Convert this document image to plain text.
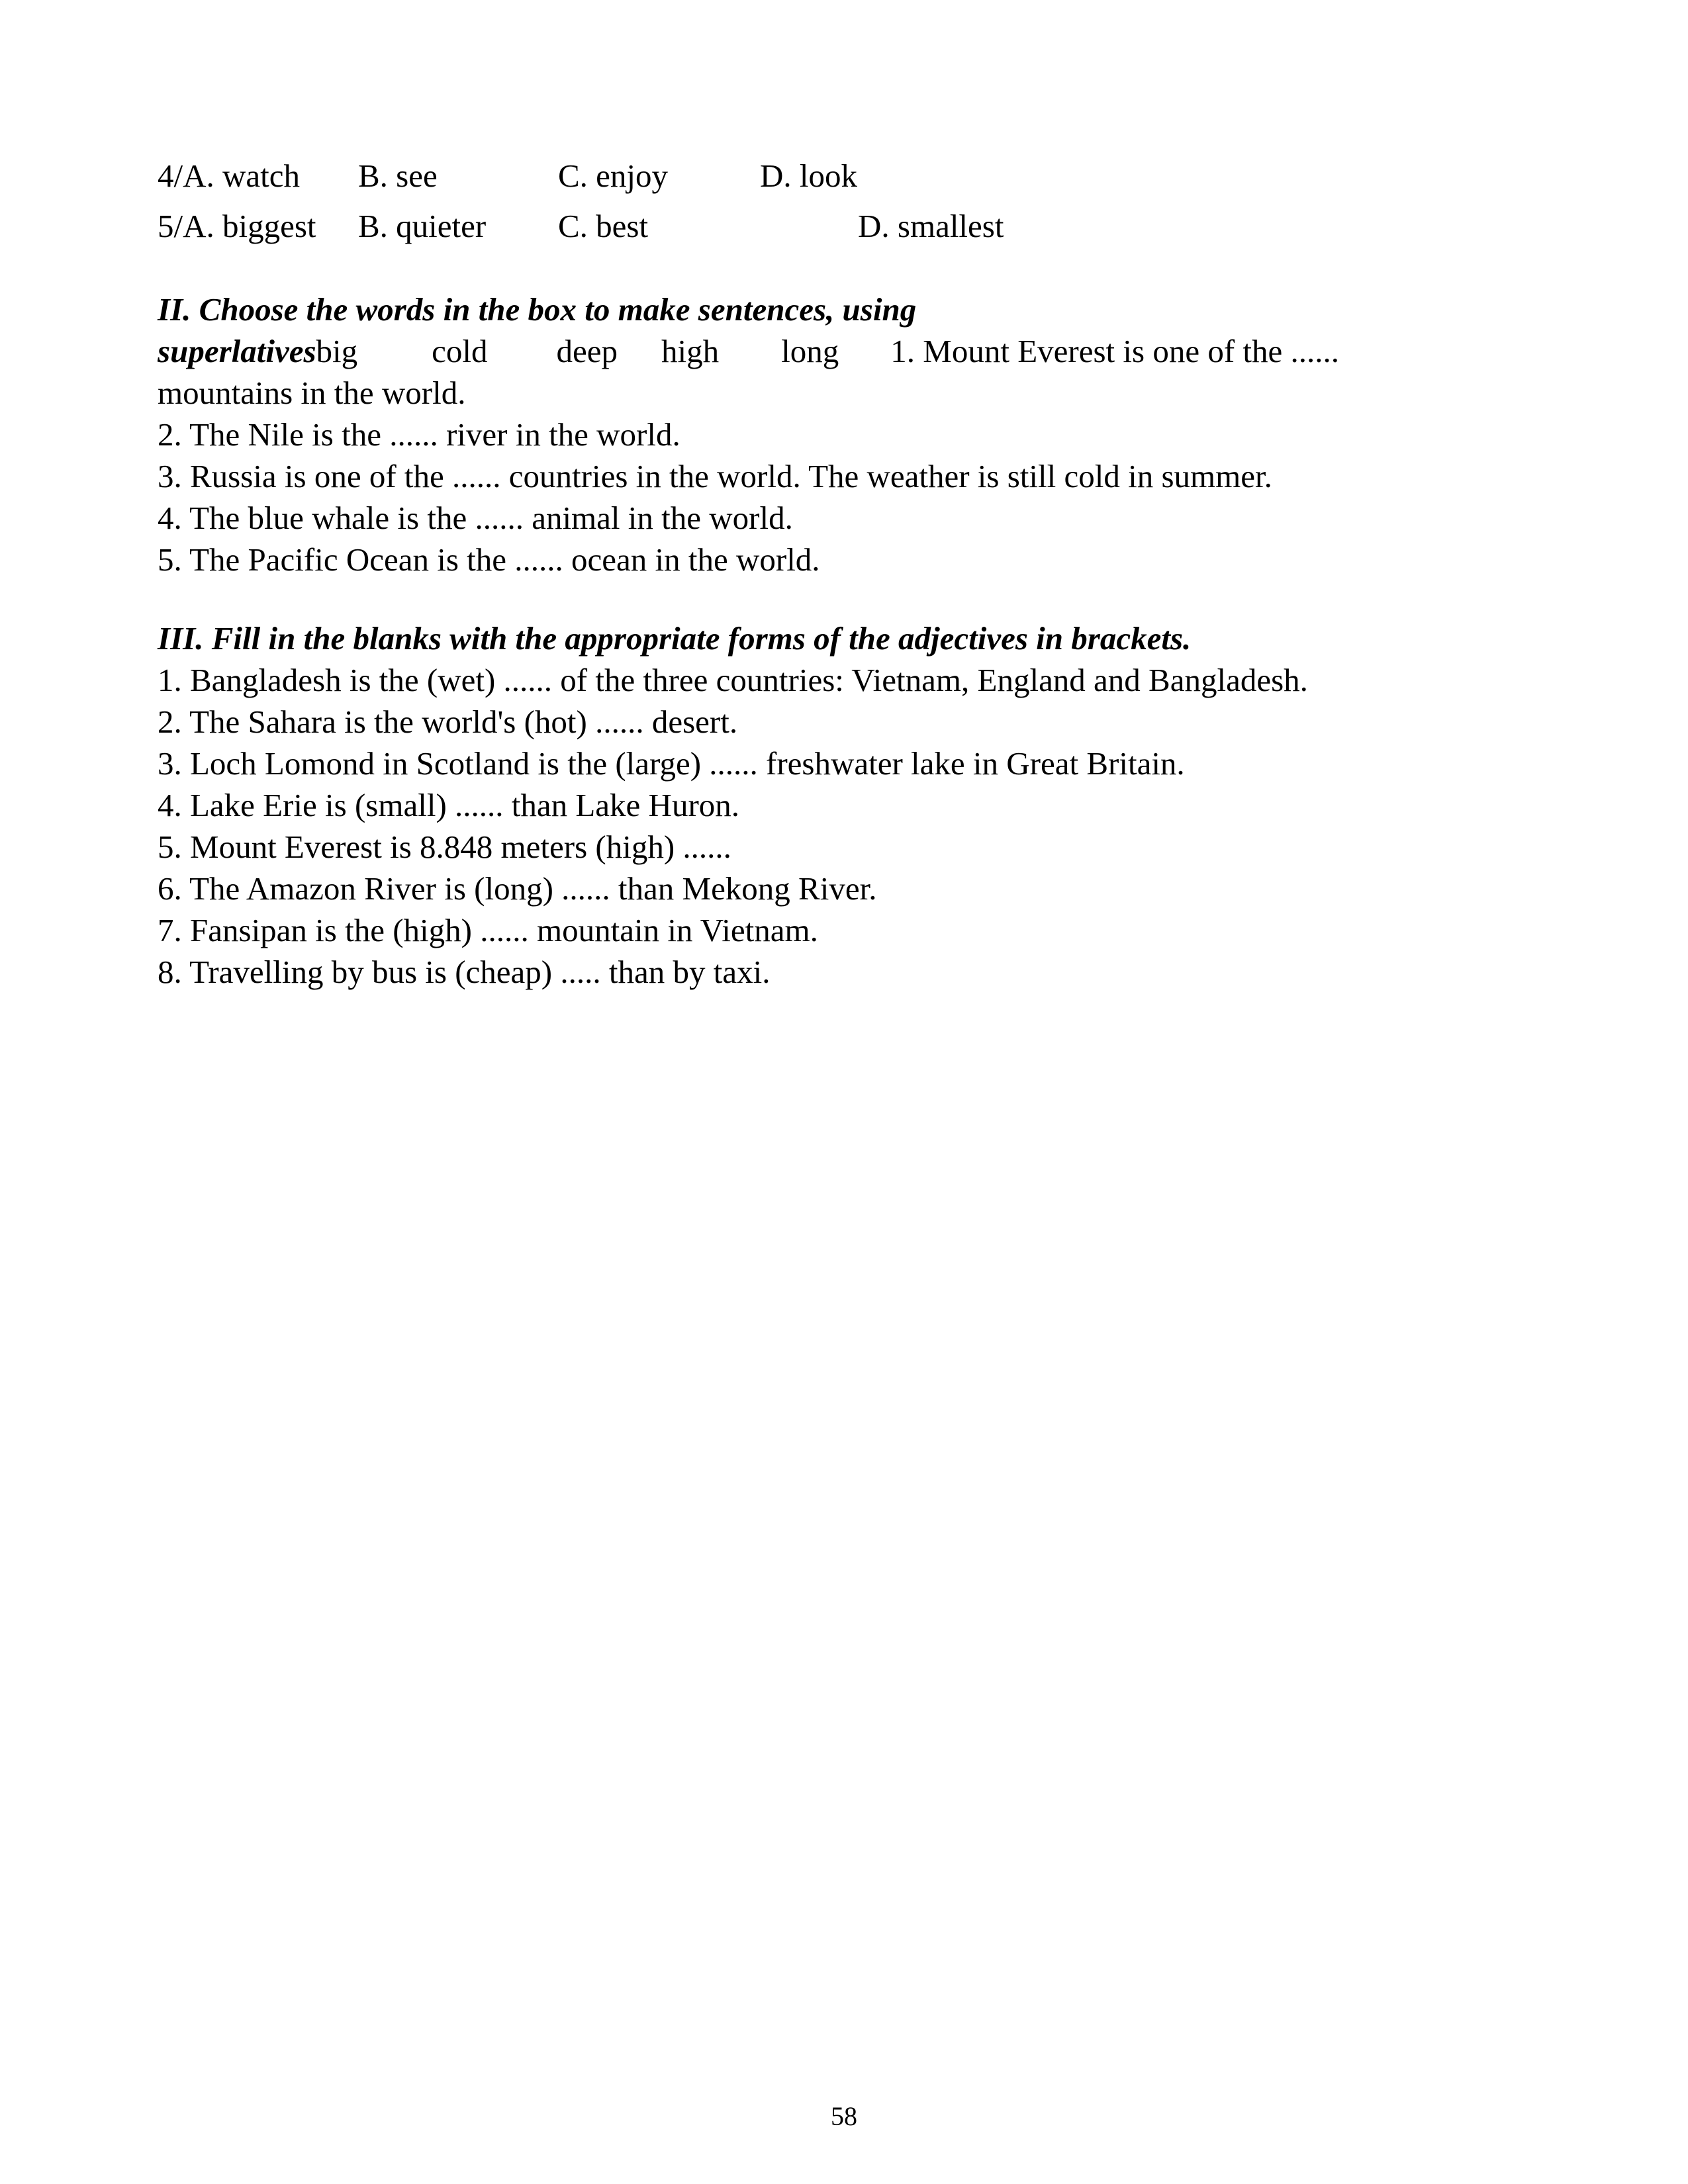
4/A. watch	B. see	C. enjoy	D. look
5/A. biggest	B. quieter	C. best	D. smallest

II. Choose the words in the box to make sentences, using

superlatives big cold deep high long 1. Mount Everest is one of the ......

mountains in the world.

2. The Nile is the ...... river in the world.

3. Russia is one of the ...... countries in the world. The weather is still cold in summer.

4. The blue whale is the ...... animal in the world.

5. The Pacific Ocean is the ...... ocean in the world.

III. Fill in the blanks with the appropriate forms of the adjectives in brackets.

1. Bangladesh is the (wet) ...... of the three countries: Vietnam, England and Bangladesh.

2. The Sahara is the world's (hot) ...... desert.

3. Loch Lomond in Scotland is the (large) ...... freshwater lake in Great Britain.

4. Lake Erie is (small) ...... than Lake Huron.

5. Mount Everest is 8.848 meters (high) ......

6. The Amazon River is (long) ...... than Mekong River.

7. Fansipan is the (high) ...... mountain in Vietnam.

8. Travelling by bus is (cheap) ..... than by taxi.

58
